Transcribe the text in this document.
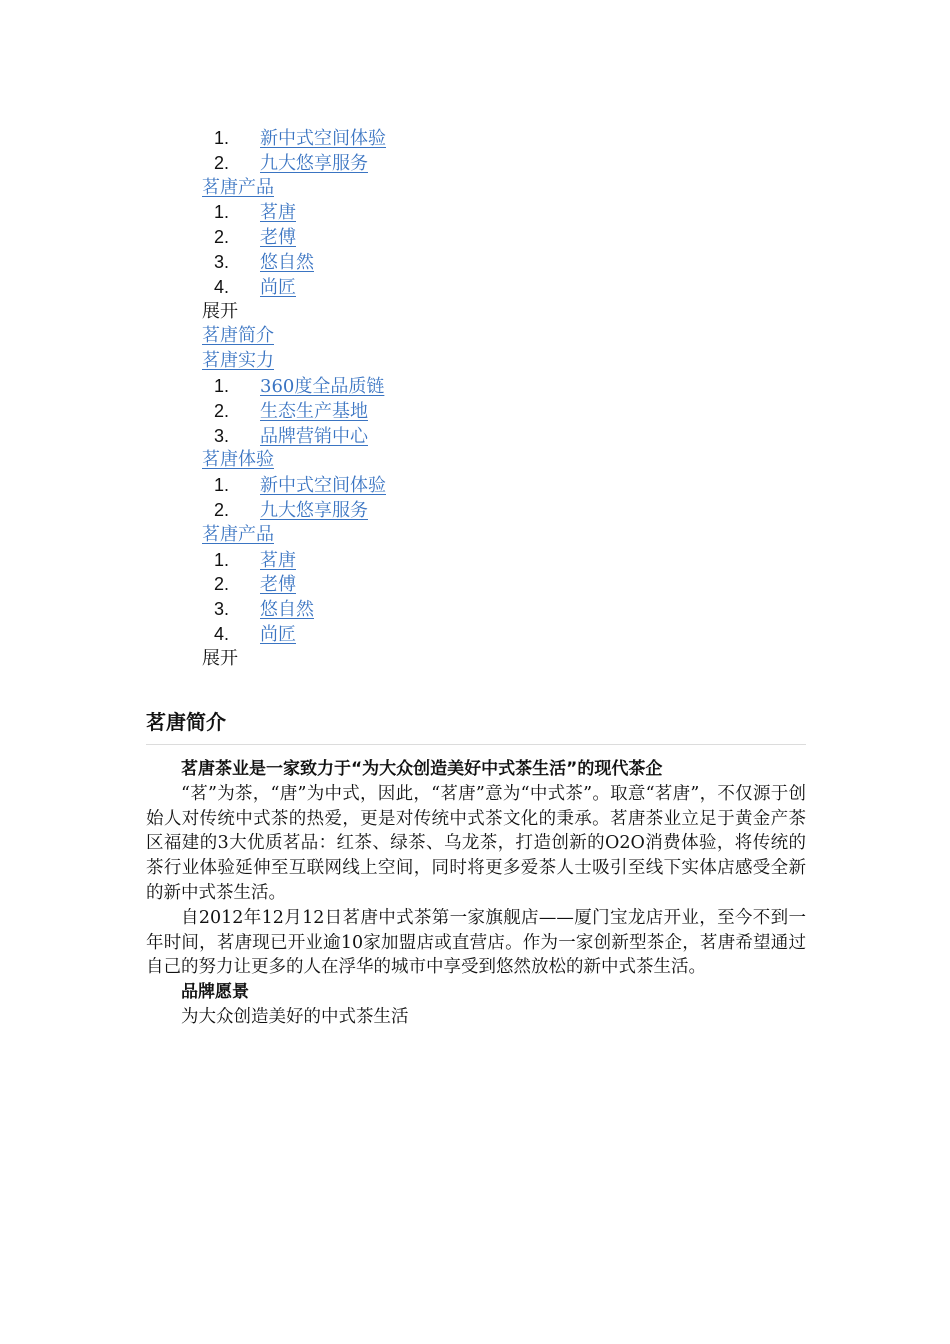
1. 新中式空间体验
2. 九大悠享服务
茗唐产品
1. 茗唐
2. 老傅
3. 悠自然
4. 尚匠
展开
茗唐简介
茗唐实力
1. 360度全品质链
2. 生态生产基地
3. 品牌营销中心
茗唐体验
1. 新中式空间体验
2. 九大悠享服务
茗唐产品
1. 茗唐
2. 老傅
3. 悠自然
4. 尚匠
展开
茗唐简介

茗唐茶业是一家致力于“为大众创造美好中式茶生活”的现代茶企

“茗”为茶，“唐”为中式，因此，“茗唐”意为“中式茶”。取意“茗唐”，不仅源于创始人对传统中式茶的热爱，更是对传统中式茶文化的秉承。茗唐茶业立足于黄金产茶区福建的3大优质茗品：红茶、绿茶、乌龙茶，打造创新的O2O消费体验，将传统的茶行业体验延伸至互联网线上空间，同时将更多爱茶人士吸引至线下实体店感受全新的新中式茶生活。

自2012年12月12日茗唐中式茶第一家旗舰店——厦门宝龙店开业，至今不到一年时间，茗唐现已开业逾10家加盟店或直营店。作为一家创新型茶企，茗唐希望通过自己的努力让更多的人在浮华的城市中享受到悠然放松的新中式茶生活。

品牌愿景

为大众创造美好的中式茶生活
